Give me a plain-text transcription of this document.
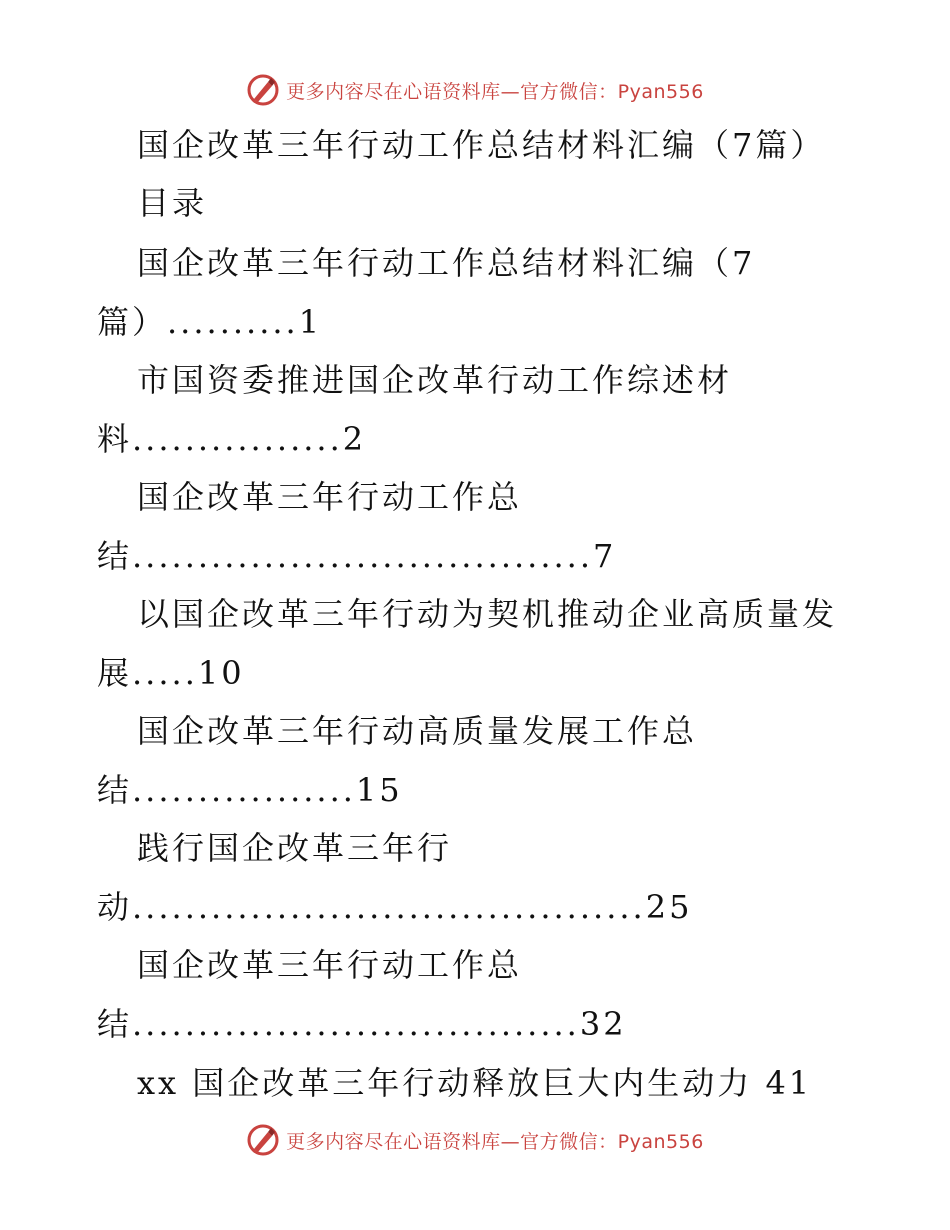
更多内容尽在心语资料库—官方微信：Pyan556
国企改革三年行动工作总结材料汇编（7篇）
目录
国企改革三年行动工作总结材料汇编（7
篇）..........1
市国资委推进国企改革行动工作综述材
料................2
国企改革三年行动工作总
结...................................7
以国企改革三年行动为契机推动企业高质量发
展.....10
国企改革三年行动高质量发展工作总
结.................15
践行国企改革三年行
动.......................................25
国企改革三年行动工作总
结..................................32
xx 国企改革三年行动释放巨大内生动力 41
更多内容尽在心语资料库—官方微信：Pyan556
